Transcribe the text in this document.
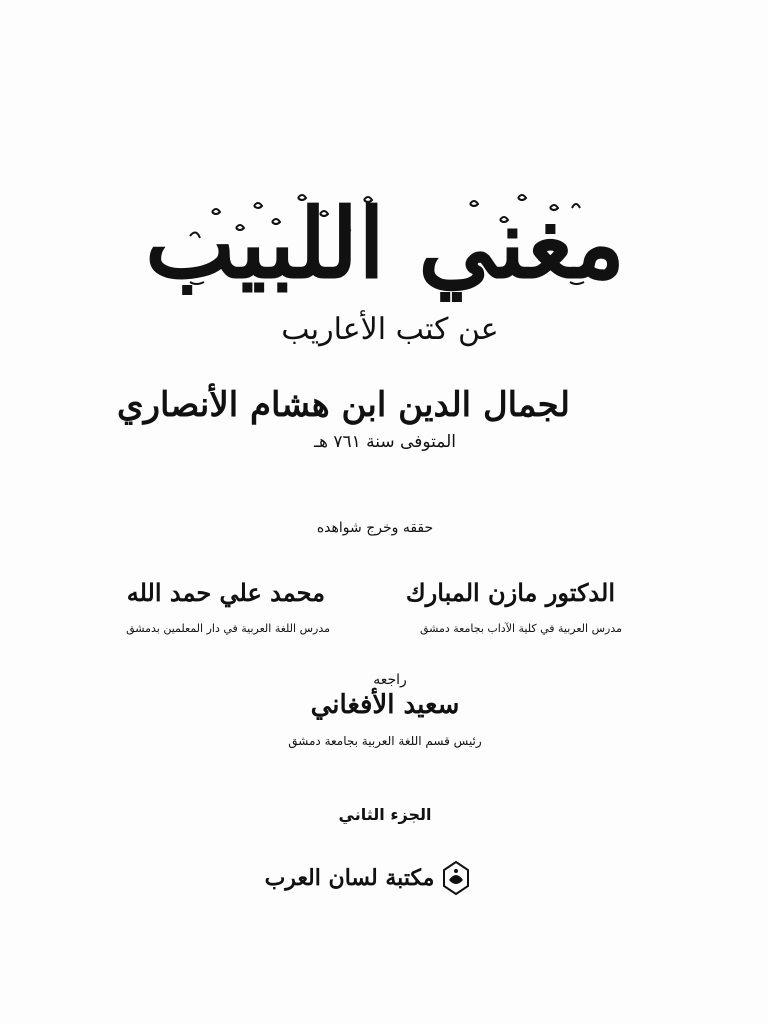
مغني اللبيب
عن كتب الأعاريب
لجمال الدين ابن هشام الأنصاري
المتوفى سنة ٧٦١ هـ
حققه وخرج شواهده
الدكتور مازن المبارك
مدرس العربية في كلية الآداب بجامعة دمشق
محمد علي حمد الله
مدرس اللغة العربية في دار المعلمين بدمشق
راجعه
سعيد الأفغاني
رئيس قسم اللغة العربية بجامعة دمشق
الجزء الثاني
مكتبة لسان العرب
